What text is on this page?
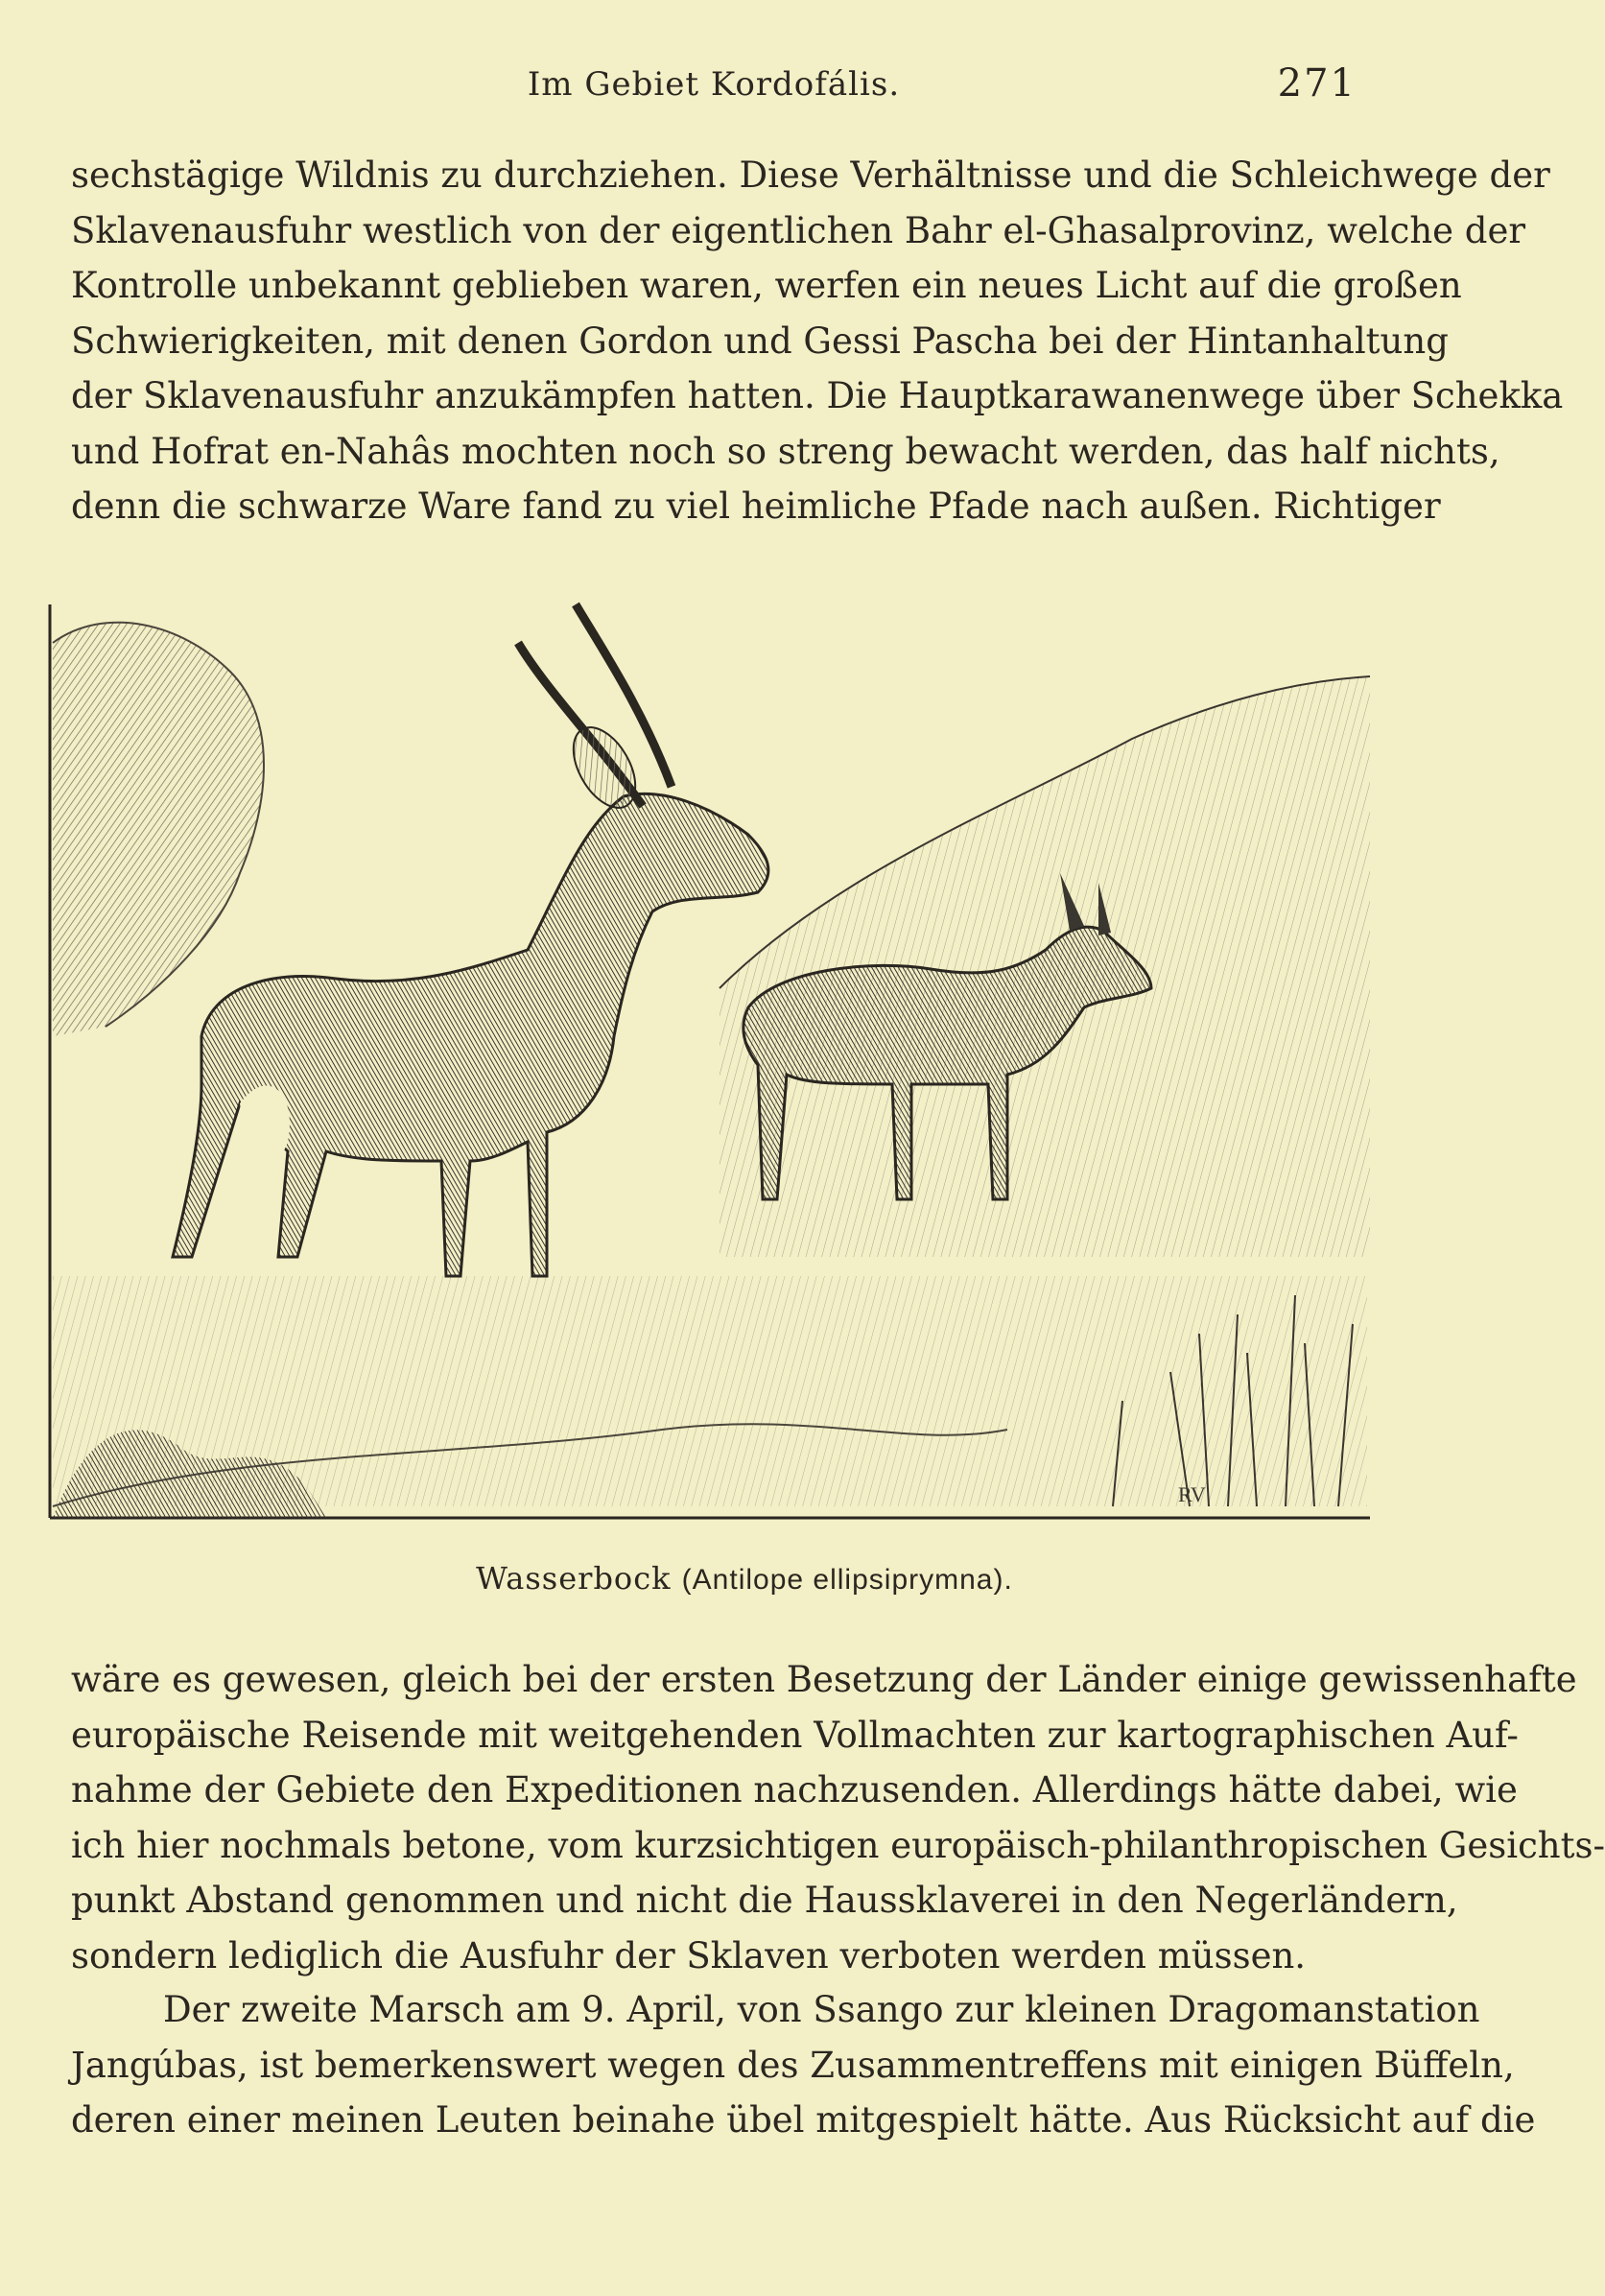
Im Gebiet Kordofális.	271
sechstägige Wildnis zu durchziehen. Diese Verhältnisse und die Schleichwege der
Sklavenausfuhr westlich von der eigentlichen Bahr el-Ghasalprovinz, welche der
Kontrolle unbekannt geblieben waren, werfen ein neues Licht auf die großen
Schwierigkeiten, mit denen Gordon und Gessi Pascha bei der Hintanhaltung
der Sklavenausfuhr anzukämpfen hatten. Die Hauptkarawanenwege über Schekka
und Hofrat en-Nahâs mochten noch so streng bewacht werden, das half nichts,
denn die schwarze Ware fand zu viel heimliche Pfade nach außen. Richtiger
RV
Wasserbock (Antilope ellipsiprymna).
wäre es gewesen, gleich bei der ersten Besetzung der Länder einige gewissenhafte
europäische Reisende mit weitgehenden Vollmachten zur kartographischen Auf-
nahme der Gebiete den Expeditionen nachzusenden. Allerdings hätte dabei, wie
ich hier nochmals betone, vom kurzsichtigen europäisch-philanthropischen Gesichts-
punkt Abstand genommen und nicht die Haussklaverei in den Negerländern,
sondern lediglich die Ausfuhr der Sklaven verboten werden müssen.
Der zweite Marsch am 9. April, von Ssango zur kleinen Dragomanstation
Jangúbas, ist bemerkenswert wegen des Zusammentreffens mit einigen Büffeln,
deren einer meinen Leuten beinahe übel mitgespielt hätte. Aus Rücksicht auf die
